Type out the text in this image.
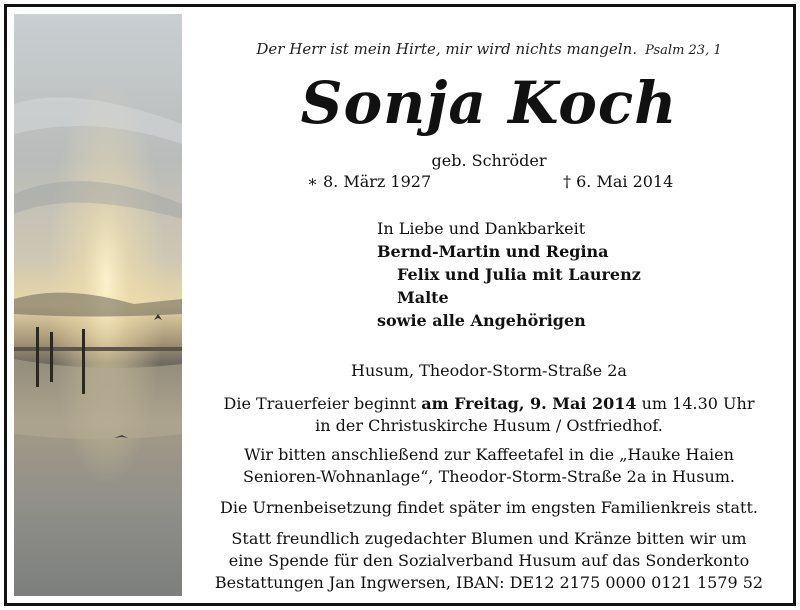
Der Herr ist mein Hirte, mir wird nichts mangeln. Psalm 23, 1
Sonja Koch
geb. Schröder
∗ 8. März 1927	† 6. Mai 2014
In Liebe und Dankbarkeit
Bernd-Martin und Regina
Felix und Julia mit Laurenz
Malte
sowie alle Angehörigen
Husum, Theodor-Storm-Straße 2a
Die Trauerfeier beginnt am Freitag, 9. Mai 2014 um 14.30 Uhr
in der Christuskirche Husum / Ostfriedhof.
Wir bitten anschließend zur Kaffeetafel in die „Hauke Haien
Senioren-Wohnanlage“, Theodor-Storm-Straße 2a in Husum.
Die Urnenbeisetzung findet später im engsten Familienkreis statt.
Statt freundlich zugedachter Blumen und Kränze bitten wir um
eine Spende für den Sozialverband Husum auf das Sonderkonto
Bestattungen Jan Ingwersen, IBAN: DE12 2175 0000 0121 1579 52
